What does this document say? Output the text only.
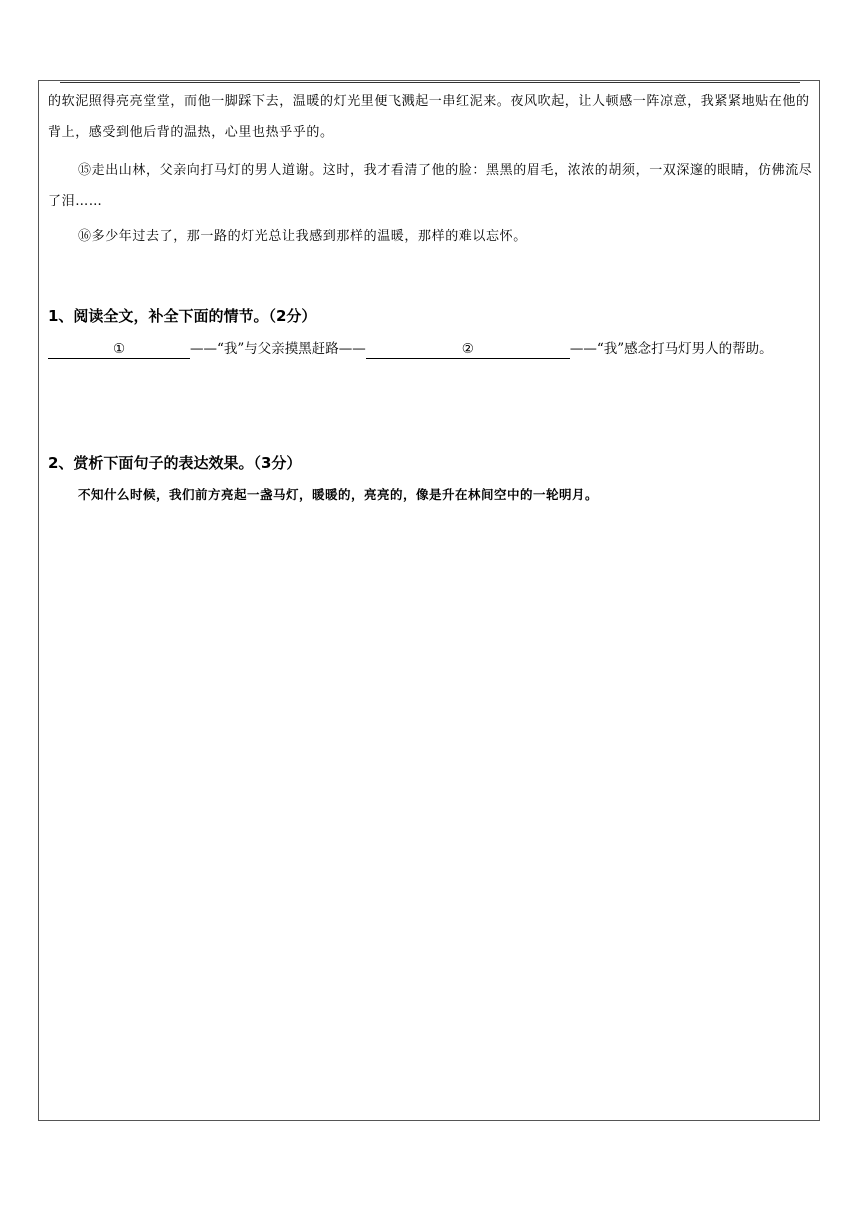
的软泥照得亮亮堂堂，而他一脚踩下去，温暖的灯光里便飞溅起一串红泥来。夜风吹起，让人顿感一阵凉意，我紧紧地贴在他的背上，感受到他后背的温热，心里也热乎乎的。

⑮走出山林，父亲向打马灯的男人道谢。这时，我才看清了他的脸：黑黑的眉毛，浓浓的胡须，一双深邃的眼睛，仿佛流尽了泪……

⑯多少年过去了，那一路的灯光总让我感到那样的温暖，那样的难以忘怀。

1、阅读全文，补全下面的情节。（2分）

①	——“我”与父亲摸黑赶路——	②	——“我”感念打马灯男人的帮助。

2、赏析下面句子的表达效果。（3分）

不知什么时候，我们前方亮起一盏马灯，暖暖的，亮亮的，像是升在林间空中的一轮明月。
